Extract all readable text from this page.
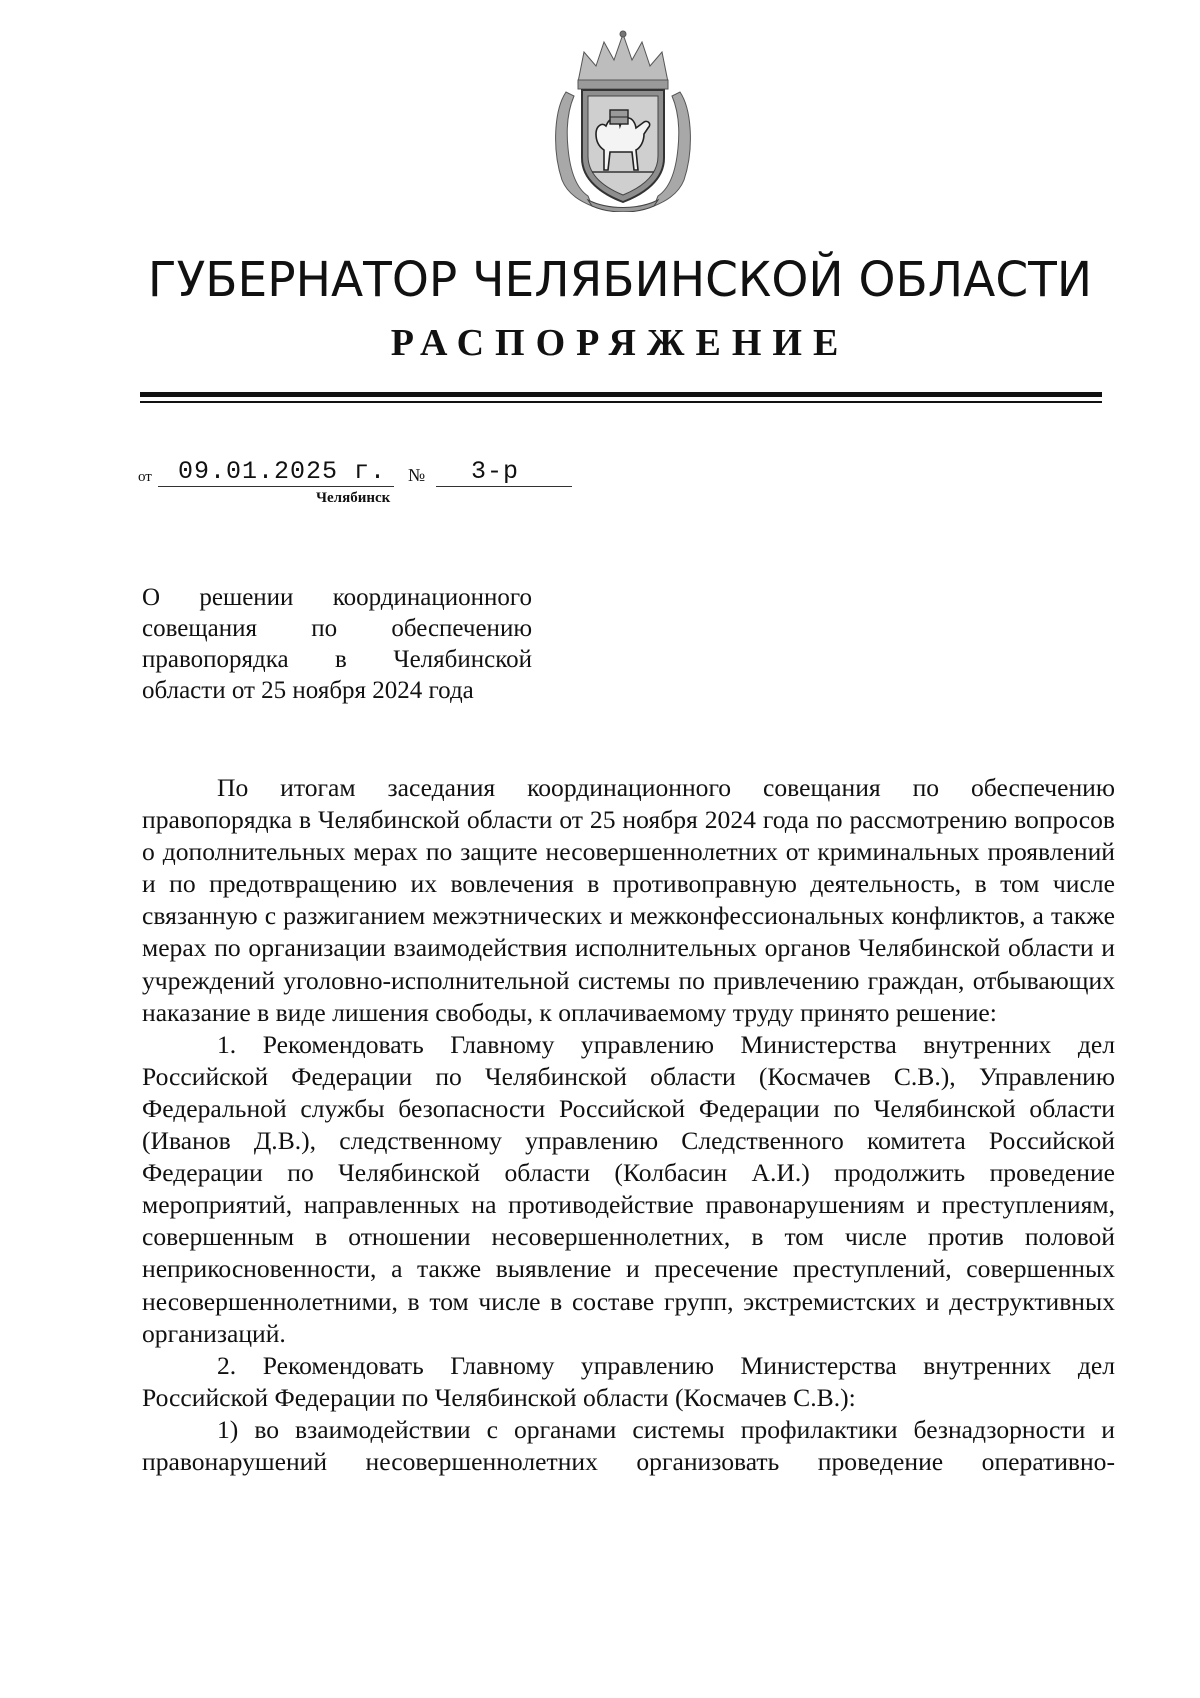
ГУБЕРНАТОР ЧЕЛЯБИНСКОЙ ОБЛАСТИ
РАСПОРЯЖЕНИЕ
от 09.01.2025 г. № 3-р
Челябинск
О решении координационного совещания по обеспечению правопорядка в Челябинской области от 25 ноября 2024 года

По итогам заседания координационного совещания по обеспечению правопорядка в Челябинской области от 25 ноября 2024 года по рассмотрению вопросов о дополнительных мерах по защите несовершеннолетних от криминальных проявлений и по предотвращению их вовлечения в противоправную деятельность, в том числе связанную с разжиганием межэтнических и межконфессиональных конфликтов, а также мерах по организации взаимодействия исполнительных органов Челябинской области и учреждений уголовно-исполнительной системы по привлечению граждан, отбывающих наказание в виде лишения свободы, к оплачиваемому труду принято решение:

1. Рекомендовать Главному управлению Министерства внутренних дел Российской Федерации по Челябинской области (Космачев С.В.), Управлению Федеральной службы безопасности Российской Федерации по Челябинской области (Иванов Д.В.), следственному управлению Следственного комитета Российской Федерации по Челябинской области (Колбасин А.И.) продолжить проведение мероприятий, направленных на противодействие правонарушениям и преступлениям, совершенным в отношении несовершеннолетних, в том числе против половой неприкосновенности, а также выявление и пресечение преступлений, совершенных несовершеннолетними, в том числе в составе групп, экстремистских и деструктивных организаций.

2. Рекомендовать Главному управлению Министерства внутренних дел Российской Федерации по Челябинской области (Космачев С.В.):

1) во взаимодействии с органами системы профилактики безнадзорности и правонарушений несовершеннолетних организовать проведение оперативно-
